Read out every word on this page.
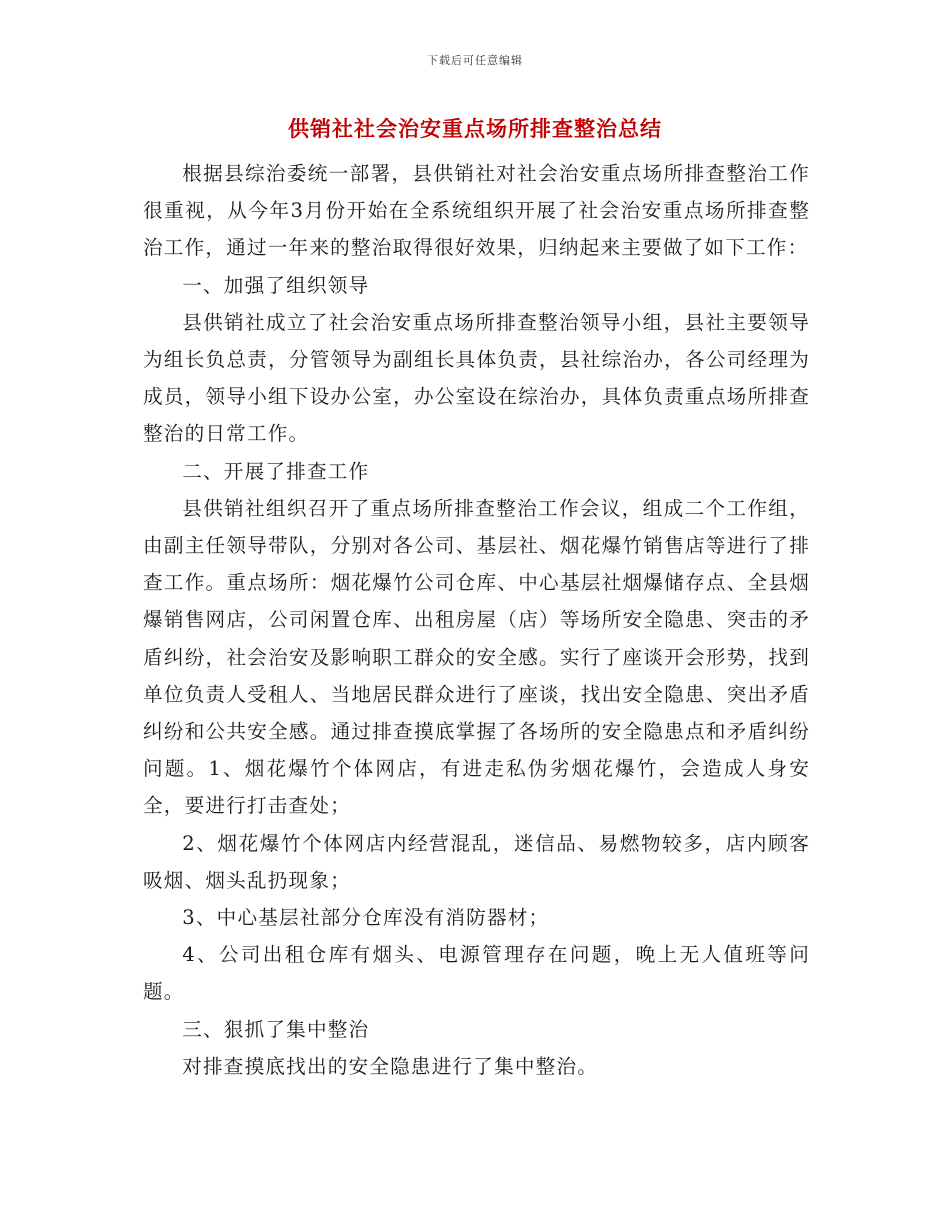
下载后可任意编辑
供销社社会治安重点场所排查整治总结

根据县综治委统一部署，县供销社对社会治安重点场所排查整治工作很重视，从今年3月份开始在全系统组织开展了社会治安重点场所排查整治工作，通过一年来的整治取得很好效果，归纳起来主要做了如下工作：

一、加强了组织领导

县供销社成立了社会治安重点场所排查整治领导小组，县社主要领导为组长负总责，分管领导为副组长具体负责，县社综治办，各公司经理为成员，领导小组下设办公室，办公室设在综治办，具体负责重点场所排查整治的日常工作。

二、开展了排查工作

县供销社组织召开了重点场所排查整治工作会议，组成二个工作组，由副主任领导带队，分别对各公司、基层社、烟花爆竹销售店等进行了排查工作。重点场所：烟花爆竹公司仓库、中心基层社烟爆储存点、全县烟爆销售网店，公司闲置仓库、出租房屋（店）等场所安全隐患、突击的矛盾纠纷，社会治安及影响职工群众的安全感。实行了座谈开会形势，找到单位负责人受租人、当地居民群众进行了座谈，找出安全隐患、突出矛盾纠纷和公共安全感。通过排查摸底掌握了各场所的安全隐患点和矛盾纠纷问题。1、烟花爆竹个体网店，有进走私伪劣烟花爆竹，会造成人身安全，要进行打击查处；

2、烟花爆竹个体网店内经营混乱，迷信品、易燃物较多，店内顾客吸烟、烟头乱扔现象；

3、中心基层社部分仓库没有消防器材；

4、公司出租仓库有烟头、电源管理存在问题，晚上无人值班等问题。

三、狠抓了集中整治

对排查摸底找出的安全隐患进行了集中整治。
